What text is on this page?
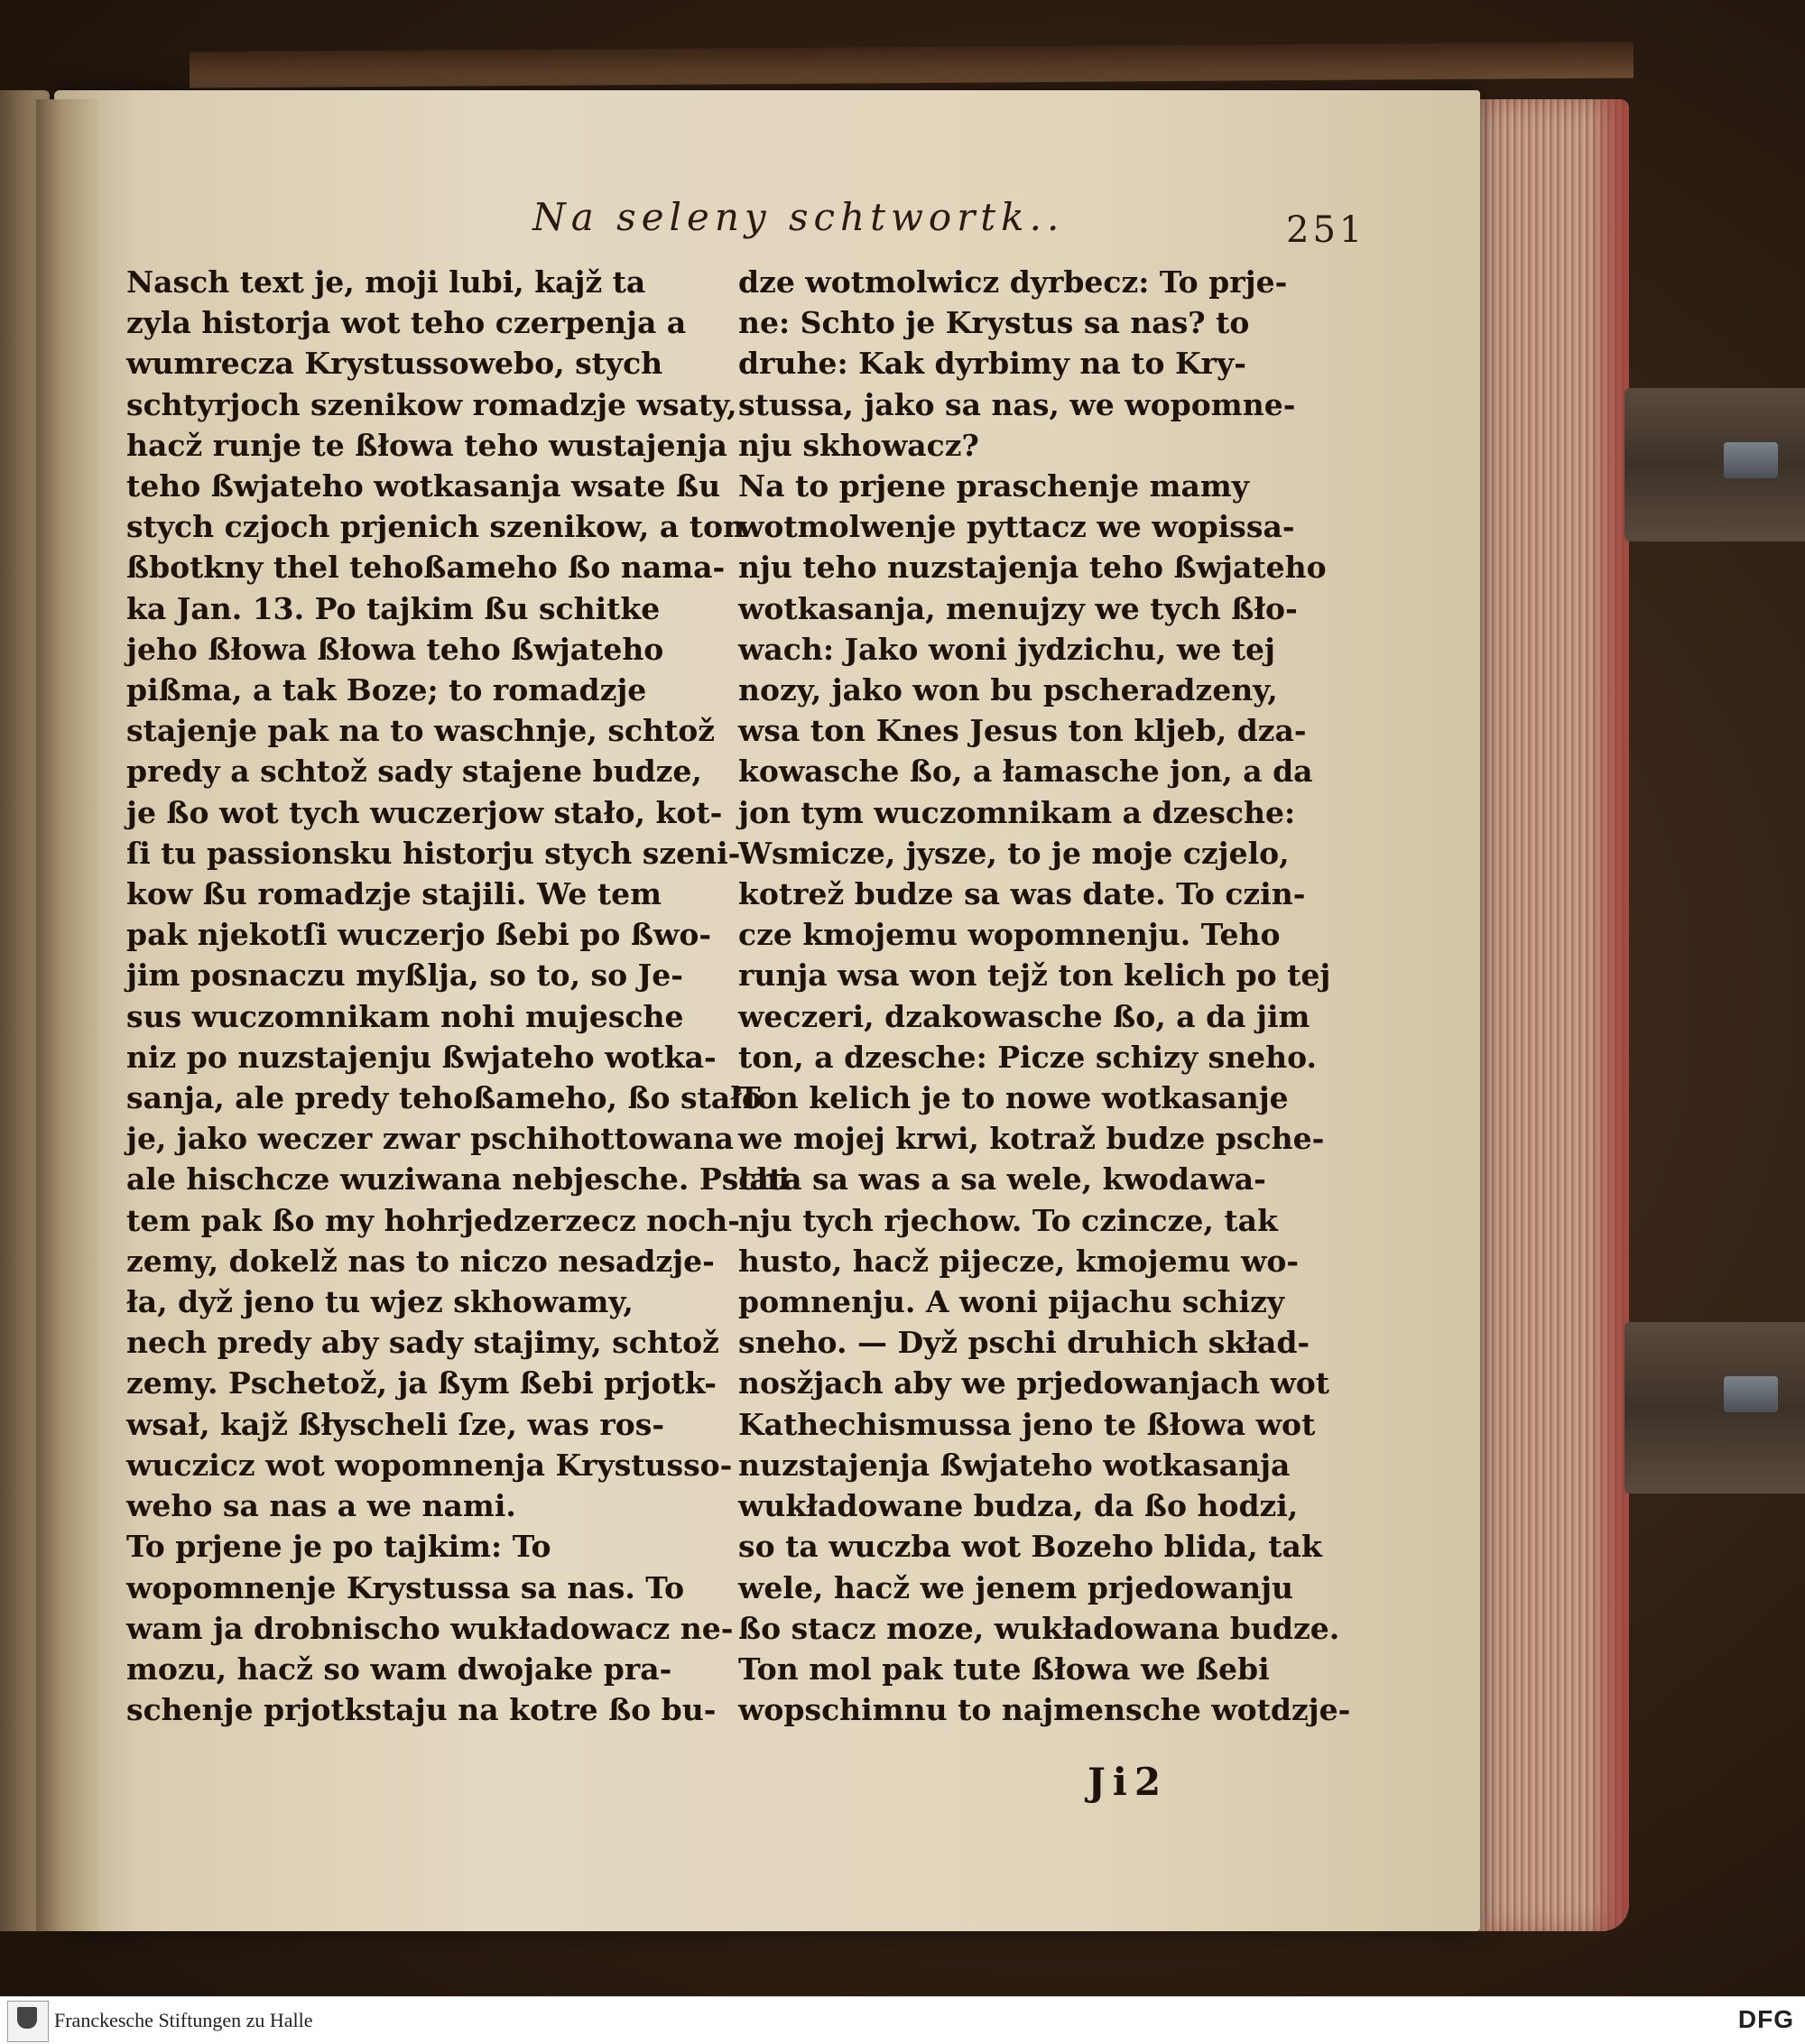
Na seleny schtwortk..	251
Nasch text je, moji lubi, kajž ta
zyla historja wot teho czerpenja a
wumrecza Krystussowebo, stych
schtyrjoch szenikow romadzje wsaty,
hacž runje te ßłowa teho wustajenja
teho ßwjateho wotkasanja wsate ßu
stych czjoch prjenich szenikow, a ton
ßbotkny thel tehoßameho ßo nama-
ka Jan. 13. Po tajkim ßu schitke
jeho ßłowa ßłowa teho ßwjateho
pißma, a tak Boze; to romadzje
stajenje pak na to waschnje, schtož
predy a schtož sady stajene budze,
je ßo wot tych wuczerjow stało, kot-
ſi tu passionsku historju stych szeni-
kow ßu romadzje stajili. We tem
pak njekotſi wuczerjo ßebi po ßwo-
jim posnaczu myßlja, so to, so Je-
sus wuczomnikam nohi mujesche
niz po nuzstajenju ßwjateho wotka-
sanja, ale predy tehoßameho, ßo stało
je, jako weczer zwar pschihottowana
ale hischcze wuziwana nebjesche. Pschi
tem pak ßo my hohrjedzerzecz noch-
zemy, dokelž nas to niczo nesadzje-
ła, dyž jeno tu wjez skhowamy,
nech predy aby sady stajimy, schtož
zemy. Pschetož, ja ßym ßebi prjotk-
wsał, kajž ßłyscheli ſze, was ros-
wuczicz wot wopomnenja Krystusso-
weho sa nas a we nami.
To prjene je po tajkim: To
wopomnenje Krystussa sa nas. To
wam ja drobnischo wukładowacz ne-
mozu, hacž so wam dwojake pra-
schenje prjotkstaju na kotre ßo bu-
dze wotmolwicz dyrbecz: To prje-
ne: Schto je Krystus sa nas? to
druhe: Kak dyrbimy na to Kry-
stussa, jako sa nas, we wopomne-
nju skhowacz?
Na to prjene praschenje mamy
wotmolwenje pyttacz we wopissa-
nju teho nuzstajenja teho ßwjateho
wotkasanja, menujzy we tych ßło-
wach: Jako woni jydzichu, we tej
nozy, jako won bu pscheradzeny,
wsa ton Knes Jesus ton kljeb, dza-
kowasche ßo, a łamasche jon, a da
jon tym wuczomnikam a dzesche:
Wsmicze, jysze, to je moje czjelo,
kotrež budze sa was date. To czin-
cze kmojemu wopomnenju. Teho
runja wsa won tejž ton kelich po tej
weczeri, dzakowasche ßo, a da jim
ton, a dzesche: Picze schizy sneho.
Ton kelich je to nowe wotkasanje
we mojej krwi, kotraž budze psche-
lata sa was a sa wele, kwodawa-
nju tych rjechow. To czincze, tak
husto, hacž pijecze, kmojemu wo-
pomnenju. A woni pijachu schizy
sneho. — Dyž pschi druhich skład-
nosžjach aby we prjedowanjach wot
Kathechismussa jeno te ßłowa wot
nuzstajenja ßwjateho wotkasanja
wukładowane budza, da ßo hodzi,
so ta wuczba wot Bozeho blida, tak
wele, hacž we jenem prjedowanju
ßo stacz moze, wukładowana budze.
Ton mol pak tute ßłowa we ßebi
wopschimnu to najmensche wotdzje-
Ji2
Franckesche Stiftungen zu Halle	DFG
